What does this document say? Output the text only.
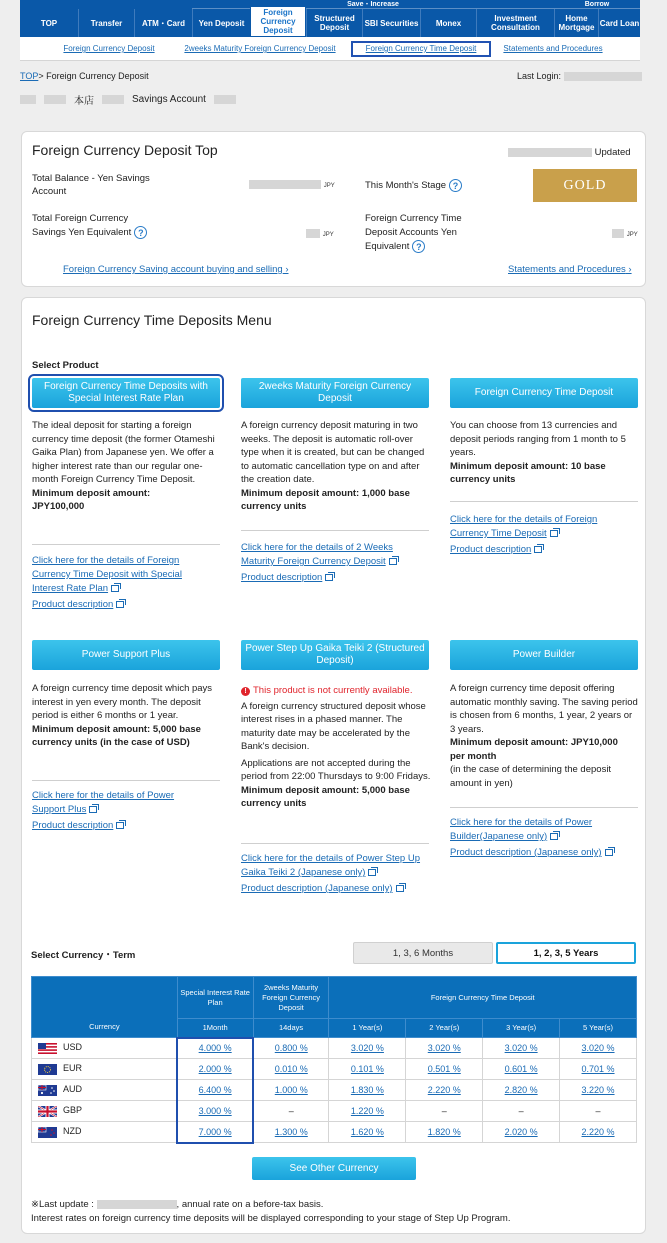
Save・Increase	Borrow
TOP	Transfer	ATM・Card	Yen Deposit
Foreign Currency Deposit
Structured Deposit	SBI Securities	Monex	Investment Consultation
Home Mortgage Card Loan
Foreign Currency Deposit	2weeks Maturity Foreign Currency Deposit	Foreign Currency Time Deposit	Statements and Procedures
TOP> Foreign Currency Deposit	Last Login:
本店	Savings Account
Foreign Currency Deposit Top	Updated
Total Balance - Yen Savings Account	JPY	This Month's Stage ?	GOLD
Total Foreign Currency Savings Yen Equivalent ?	JPY
Foreign Currency Time Deposit Accounts Yen Equivalent ?
JPY
Foreign Currency Saving account buying and selling ›	Statements and Procedures ›
Foreign Currency Time Deposits Menu
Select Product
Foreign Currency Time Deposits with Special Interest Rate Plan
2weeks Maturity Foreign Currency Deposit
Foreign Currency Time Deposit
The ideal deposit for starting a foreign currency time deposit (the former Otameshi Gaika Plan) from Japanese yen. We offer a higher interest rate than our regular one-month Foreign Currency Time Deposit.
Minimum deposit amount: JPY100,000
A foreign currency deposit maturing in two weeks. The deposit is automatic roll-over type when it is created, but can be changed to automatic cancellation type on and after the creation date.
Minimum deposit amount: 1,000 base currency units
You can choose from 13 currencies and deposit periods ranging from 1 month to 5 years.
Minimum deposit amount: 10 base currency units
Click here for the details of Foreign Currency Time Deposit with Special Interest Rate Plan
Product description
Click here for the details of 2 Weeks Maturity Foreign Currency Deposit
Product description
Click here for the details of Foreign Currency Time Deposit
Product description
Power Support Plus
Power Step Up Gaika Teiki 2 (Structured Deposit)
Power Builder
A foreign currency time deposit which pays interest in yen every month. The deposit period is either 6 months or 1 year.
Minimum deposit amount: 5,000 base currency units (in the case of USD)
! This product is not currently available.
A foreign currency structured deposit whose interest rises in a phased manner. The maturity date may be accelerated by the Bank's decision.
Applications are not accepted during the period from 22:00 Thursdays to 9:00 Fridays.
Minimum deposit amount: 5,000 base currency units
A foreign currency time deposit offering automatic monthly saving. The saving period is chosen from 6 months, 1 year, 2 years or 3 years.
Minimum deposit amount: JPY10,000 per month
(in the case of determining the deposit amount in yen)
Click here for the details of Power Support Plus
Product description
Click here for the details of Power Step Up Gaika Teiki 2 (Japanese only)
Product description (Japanese only)
Click here for the details of Power Builder(Japanese only)
Product description (Japanese only)
Select Currency・Term	1, 3, 6 Months	1, 2, 3, 5 Years
Currency	Special Interest Rate Plan	2weeks Maturity Foreign Currency Deposit	Foreign Currency Time Deposit			
	1Month	14days	1 Year(s)	2 Year(s)	3 Year(s)	5 Year(s)
USD	4.000 %	0.800 %	3.020 %	3.020 %	3.020 %	3.020 %
EUR	2.000 %	0.010 %	0.101 %	0.501 %	0.601 %	0.701 %
AUD	6.400 %	1.000 %	1.830 %	2.220 %	2.820 %	3.220 %
GBP	3.000 %	–	1.220 %	–	–	–
NZD	7.000 %	1.300 %	1.620 %	1.820 %	2.020 %	2.220 %
See Other Currency
※Last update :	, annual rate on a before-tax basis.
Interest rates on foreign currency time deposits will be displayed corresponding to your stage of Step Up Program.
